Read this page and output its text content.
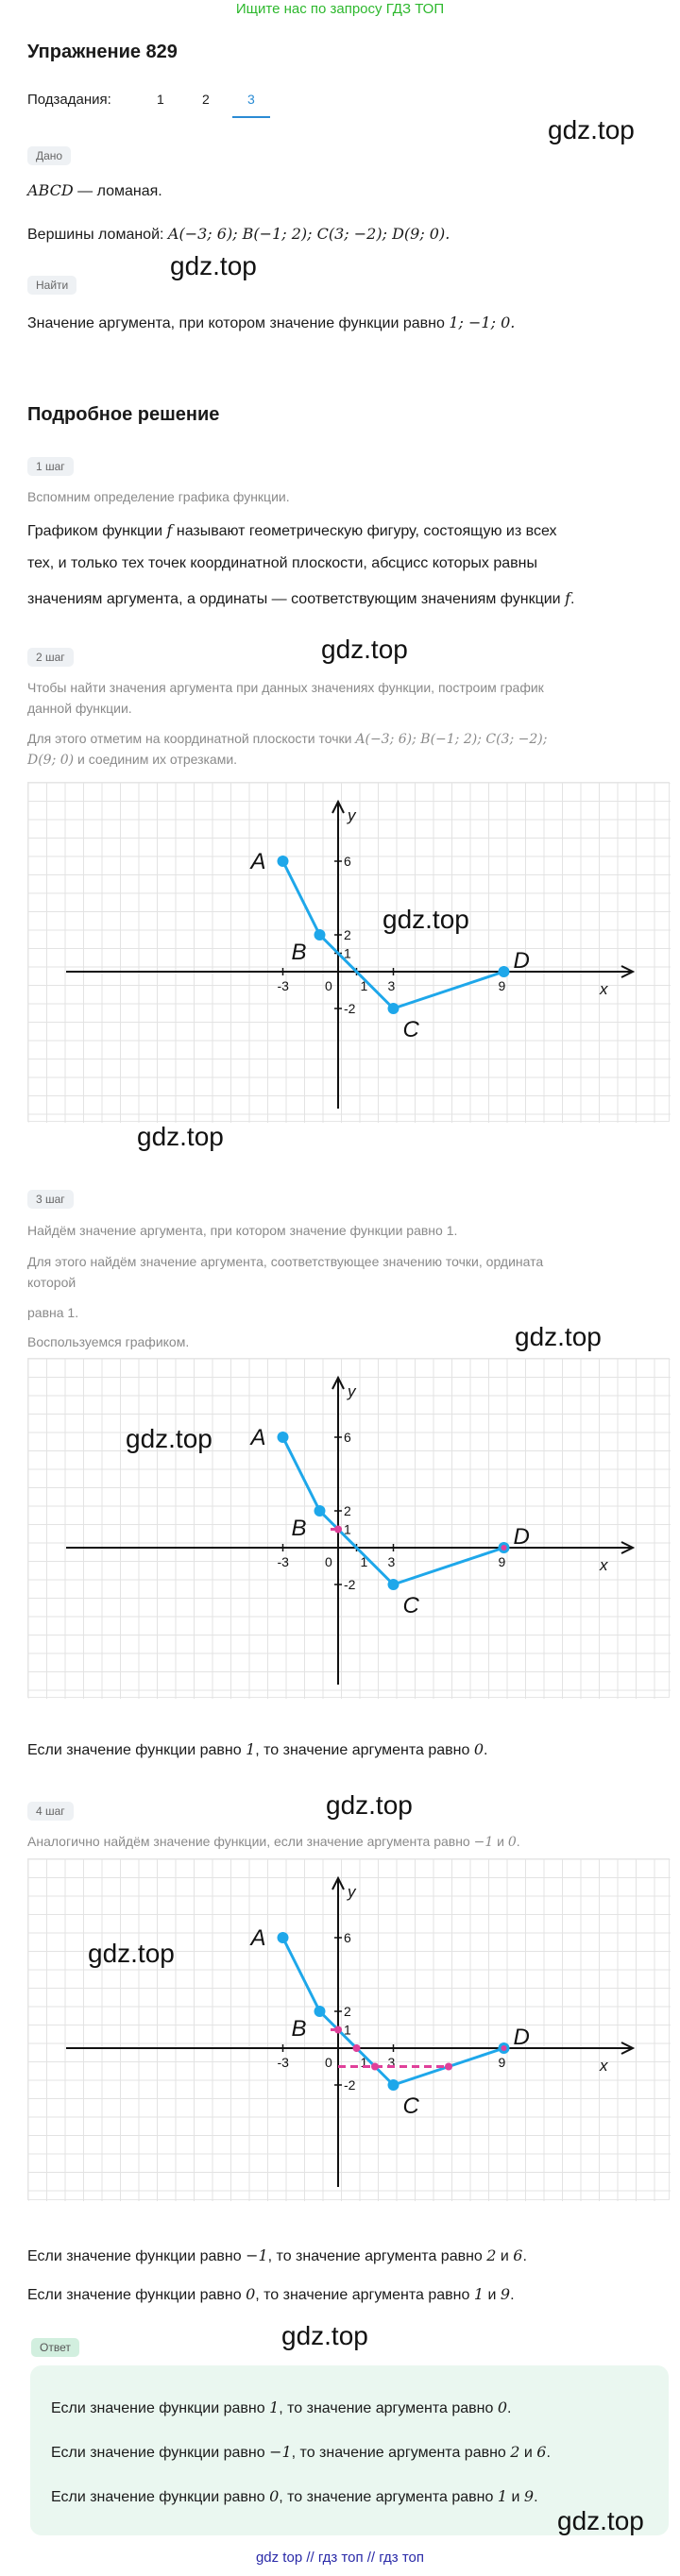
Ищите нас по запросу ГДЗ ТОП
Упражнение 829
Подзадания:	1	2	3
Дано
ABCD — ломаная.
Вершины ломаной: A(−3; 6); B(−1; 2); C(3; −2); D(9; 0).
gdz.top
gdz.top
Найти
Значение аргумента, при котором значение функции равно 1; −1; 0.
Подробное решение
1 шаг
Вспомним определение графика функции.
Графиком функции f называют геометрическую фигуру, состоящую из всех
тех, и только тех точек координатной плоскости, абсцисс которых равны
значениям аргумента, а ординаты — соответствующим значениям функции f.
gdz.top
2 шаг
Чтобы найти значения аргумента при данных значениях функции, построим график
данной функции.
Для этого отметим на координатной плоскости точки A(−3; 6); B(−1; 2); C(3; −2);
D(9; 0) и соединим их отрезками.
x
y
-3	0 1 3	9
6
2
1
-2
A
B
C
D
gdz.top
gdz.top
3 шаг
Найдём значение аргумента, при котором значение функции равно 1.
Для этого найдём значение аргумента, соответствующее значению точки, ордината
которой
равна 1.
Воспользуемся графиком.	gdz.top
x
y
-3	0 1 3	9
6
2
1
-2
A
B
C
D
gdz.top
Если значение функции равно 1, то значение аргумента равно 0.
4 шаг	gdz.top
Аналогично найдём значение функции, если значение аргумента равно −1 и 0.
x
y
-3	0 1 3	9
6
2
1
-2
A
B
C
D
gdz.top
Если значение функции равно −1, то значение аргумента равно 2 и 6.
Если значение функции равно 0, то значение аргумента равно 1 и 9.
gdz.top
Ответ
Если значение функции равно 1, то значение аргумента равно 0.
Если значение функции равно −1, то значение аргумента равно 2 и 6.
Если значение функции равно 0, то значение аргумента равно 1 и 9.
gdz.top
gdz top // гдз топ // гдз топ
